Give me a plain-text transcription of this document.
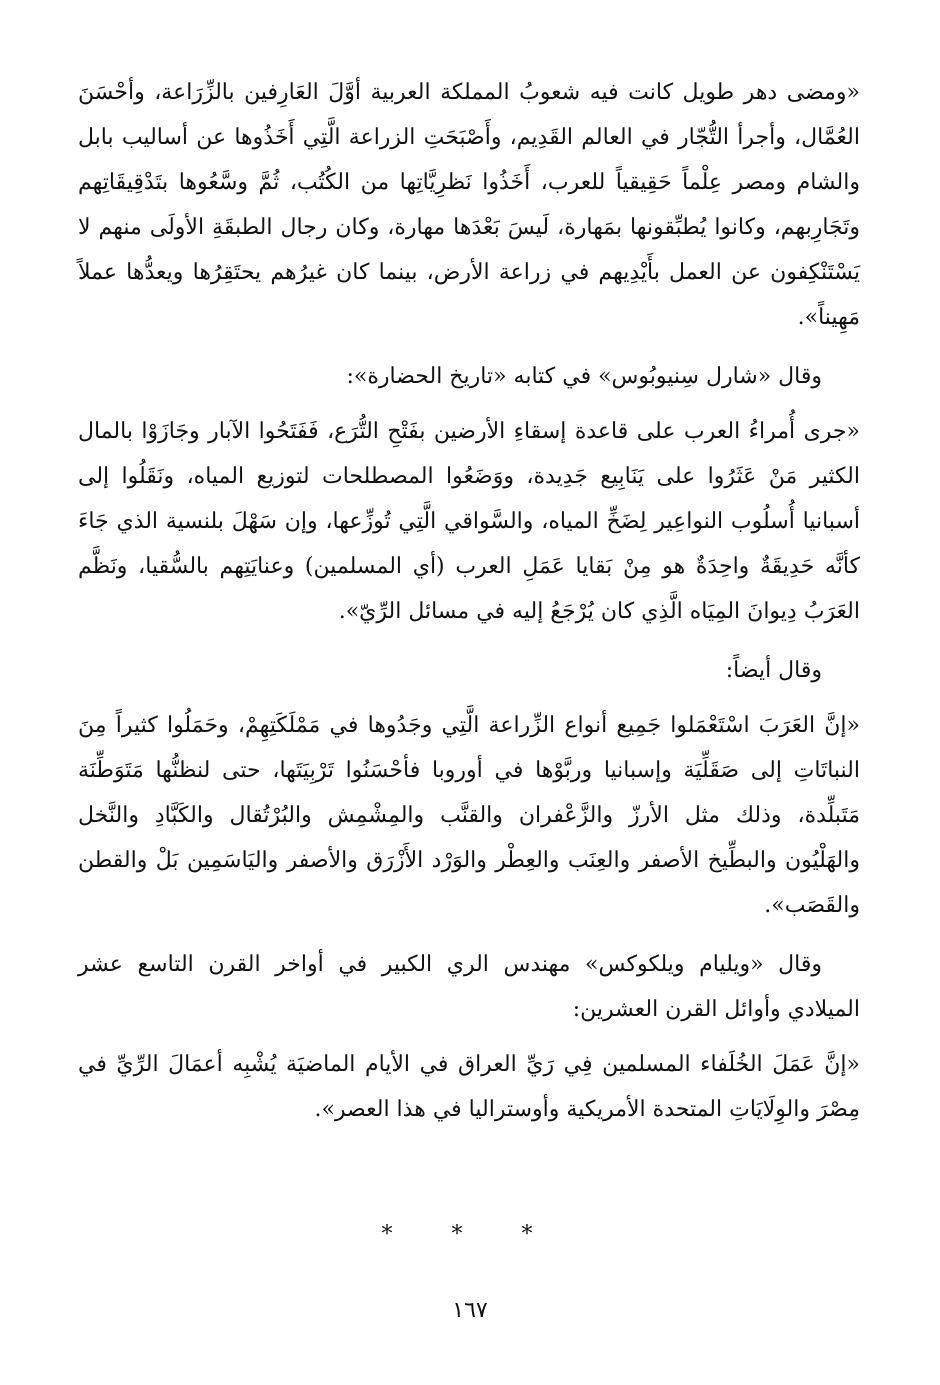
«ومضى دهر طويل كانت فيه شعوبُ المملكة العربية أوَّلَ العَارِفين بالزِّرَاعة، وأحْسَنَ العُمَّال، وأجرأ التُّجّار في العالم القَدِيم، وأَصْبَحَتِ الزراعة الَّتِي أَخَذُوها عن أساليب بابل والشام ومصر عِلْماً حَقِيقياً للعرب، أَخَذُوا نَظرِيَّاتِها من الكُتُب، ثُمَّ وسَّعُوها بتَدْقِيقَاتِهم وتَجَارِبهم، وكانوا يُطبِّقونها بمَهارة، لَيسَ بَعْدَها مهارة، وكان رجال الطبقَةِ الأولَى منهم لا يَسْتَنْكِفون عن العمل بأَيْدِيهم في زراعة الأرض، بينما كان غيرُهم يحتَقِرُها ويعدُّها عملاً مَهِيناً».

وقال «شارل سِنيوبُوس» في كتابه «تاريخ الحضارة»:

«جرى أُمراءُ العرب على قاعدة إسقاءِ الأرضين بفَتْحِ التُّرَع، فَفَتَحُوا الآبار وجَازَوْا بالمال الكثير مَنْ عَثَرُوا على يَنَابِيع جَدِيدة، ووَضَعُوا المصطلحات لتوزيع المياه، ونَقَلُوا إلى أسبانيا أُسلُوب النواعِير لِضَخِّ المياه، والسَّواقي الَّتِي تُوزِّعها، وإن سَهْلَ بلنسية الذي جَاءَ كأنَّه حَدِيقَةٌ واحِدَةٌ هو مِنْ بَقايا عَمَلِ العرب (أي المسلمين) وعنايَتِهم بالسُّقيا، ونَظَّم العَرَبُ دِيوانَ المِيَاه الَّذِي كان يُرْجَعُ إليه في مسائل الرِّيّ».

وقال أيضاً:

«إنَّ العَرَبَ اسْتَعْمَلوا جَمِيع أنواع الزِّراعة الَّتِي وجَدُوها في مَمْلَكَتِهِمْ، وحَمَلُوا كثيراً مِنَ النباتَاتِ إلى صَقَلِّيَة وإسبانيا وربَّوْها في أوروبا فأحْسَنُوا تَرْبِيَتَها، حتى لنظنُّها مَتَوَطِّنَة مَتَبلِّدة، وذلك مثل الأرزّ والزَّعْفران والقنَّب والمِشْمِش والبُرْتُقال والكَبَّادِ والنَّخل والهَلْيُون والبطِّيخ الأصفر والعِنَب والعِطْر والوَرْد الأَزْرَق والأصفر واليَاسَمِين بَلْ والقطن والقَصَب».

وقال «ويليام ويلكوكس» مهندس الري الكبير في أواخر القرن التاسع عشر الميلادي وأوائل القرن العشرين:

«إنَّ عَمَلَ الخُلَفاء المسلمين فِي رَيِّ العراق في الأيام الماضيَة يُشْبِه أعمَالَ الرِّيِّ في مِصْرَ والوِلَايَاتِ المتحدة الأمريكية وأوستراليا في هذا العصر».

* * *
١٦٧
